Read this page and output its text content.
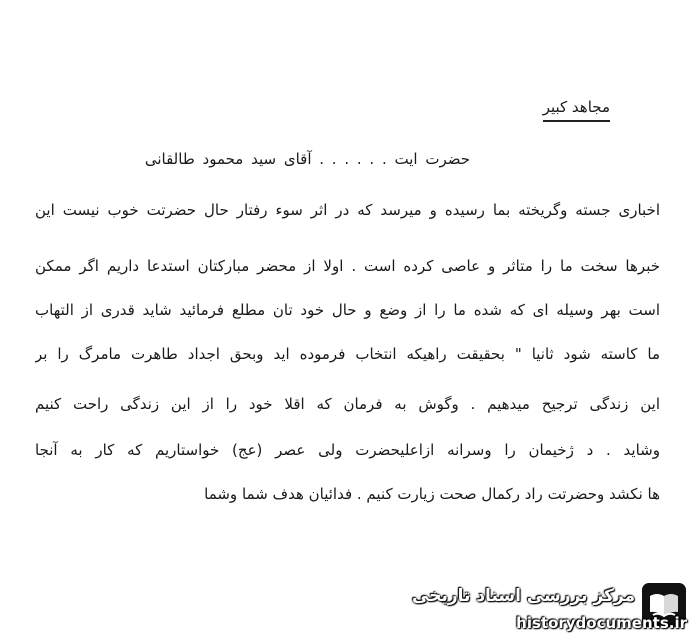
مجاهد کبیر
حضرت ایت . . . . . . آقای سید محمود طالقانی
اخباری جسته وگریخته بما رسیده و میرسد که در اثر سوء رفتار حال حضرتت خوب نیست این
خبرها سخت ما را متاثر و عاصی کرده است . اولا از محضر مبارکتان استدعا داریم اگر ممکن
است بهر وسیله ای که شده ما را از وضع و حال خود تان مطلع فرمائید شاید قدری از التهاب
ما کاسته شود ثانیا " بحقیقت راهیکه انتخاب فرموده اید وبحق اجداد طاهرت مامرگ را بر
این زندگی ترجیح میدهیم . وگوش به فرمان که اقلا خود را از این زندگی راحت کنیم
وشاید . د ژخیمان را وسرانه ازاعلیحضرت ولی عصر (عج) خواستاریم که کار به آنجا
ها نکشد وحضرتت راد رکمال صحت زیارت کنیم . فدائیان هدف شما وشما
مرکز بررسی اسناد تاریخی
historydocuments.ir
